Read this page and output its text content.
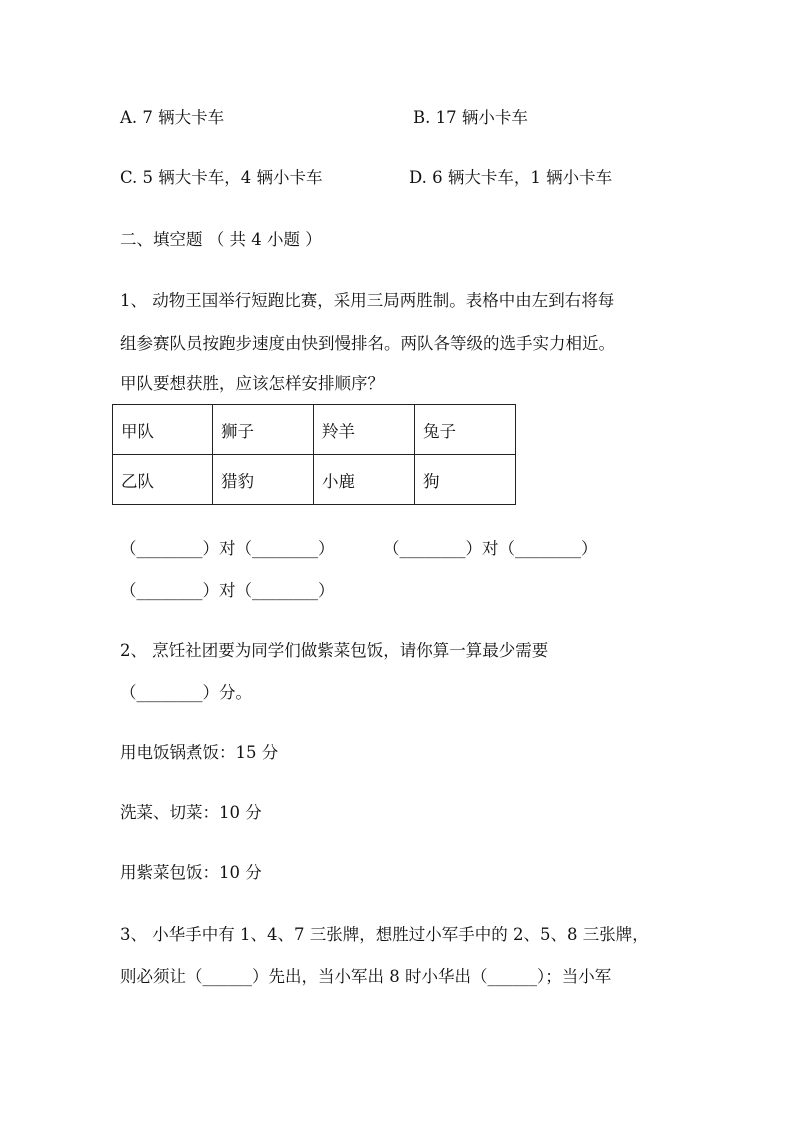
A. 7 辆大卡车	B. 17 辆小卡车
C. 5 辆大卡车，4 辆小卡车	D. 6 辆大卡车，1 辆小卡车
二、填空题 （ 共 4 小题 ）
1、 动物王国举行短跑比赛，采用三局两胜制。表格中由左到右将每
组参赛队员按跑步速度由快到慢排名。两队各等级的选手实力相近。
甲队要想获胜，应该怎样安排顺序？
甲队	狮子	羚羊	兔子
乙队	猎豹	小鹿	狗
（________）对（________）	（________）对（________）
（________）对（________）
2、 烹饪社团要为同学们做紫菜包饭，请你算一算最少需要
（________）分。
用电饭锅煮饭：15 分
洗菜、切菜：10 分
用紫菜包饭：10 分
3、 小华手中有 1、4、7 三张牌，想胜过小军手中的 2、5、8 三张牌，
则必须让（______）先出，当小军出 8 时小华出（______）；当小军
